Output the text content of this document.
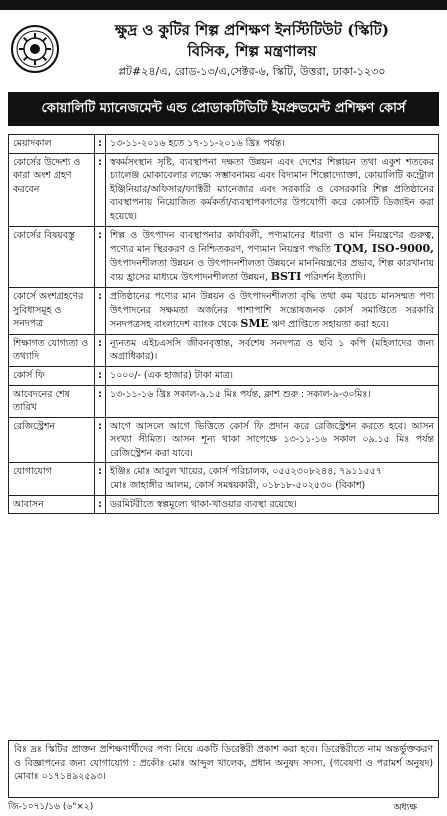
ক্ষুদ্র ও কুটির শিল্প প্রশিক্ষণ ইনস্টিটিউট (স্কিটি)
বিসিক, শিল্প মন্ত্রণালয়
প্লট#২৪/এ, রোড-১৩/এ,সেক্টর-৬, স্কিটি, উত্তরা, ঢাকা-১২৩০
কোয়ালিটি ম্যানেজমেন্ট এন্ড প্রোডাকটিভিটি ইমপ্রুভমেন্ট প্রশিক্ষণ কোর্স
মেয়াদকাল	:	১৩-১১-২০১৬ হতে ১৭-১১-২০১৬ খ্রিঃ পর্যন্ত।
কোর্সের উদ্দেশ্য ও কারা অংশ গ্রহণ করবেন	:	স্বকর্মসংস্থান সৃষ্টি, ব্যবস্থাপনা দক্ষতা উন্নয়ন এবং দেশের শিল্পায়ন তথা একুশ শতকের চ্যালেঞ্জ মোকাবেলার লক্ষ্যে সম্ভাবনাময় এবং বিদ্যমান শিল্পোদ্যোক্তা, কোয়ালিটি কন্ট্রোল ইঞ্জিনিয়ার/অফিসার/ফ্যাক্টরী ম্যানেজার এবং সরকারি ও বেসরকারি শিল্প প্রতিষ্ঠানের ব্যবস্থাপনায় নিয়োজিত কর্মকর্তা/ব্যবস্থাপকগণের উপযোগী করে কোর্সটি ডিজাইন করা হয়েছে।
কোর্সের বিষয়বস্তু	:	শিল্প ও উৎপাদন ব্যবস্থাপনার কার্যাবলী, পণ্যমানের ধারণা ও মান নিয়ন্ত্রণের গুরুত্ব, পণ্যের মান স্থিরকরণ ও নিশ্চিতকরণ, পণ্যমান নিয়ন্ত্রণ পদ্ধতি TQM, ISO-9000, উৎপাদনশীলতা উন্নয়ন ও উৎপাদনশীলতা উন্নয়নে মাননিয়ন্ত্রণের প্রভাব, শিল্প কারখানায় ব্যয় হ্রাসের মাধ্যমে উৎপাদনশীলতা উন্নয়ন, BSTI পরিদর্শন ইত্যাদি।
কোর্সে অংশগ্রহণের সুবিধাসমূহ ও সনদপত্র	:	প্রতিষ্ঠানের পণ্যের মান উন্নয়ন ও উৎপাদনশীলতা বৃদ্ধি তথা কম খরচে মানসম্মত পণ্য উৎপাদনের সক্ষমতা অর্জনের পাশাপাশি সন্তোষজনক কোর্স সমাপ্তিতে সরকারি সনদপত্রসহ বাংলাদেশ ব্যাংক থেকে SME ঋণ প্রাপ্তিতে সহায়তা করা হবে।
শিক্ষাগত যোগ্যতা ও তথ্যাদি	:	ন্যূনতম এইচএসসি জীবনবৃত্তান্ত, সর্বশেষ সনদপত্র ও ছবি ১ কপি (মহিলাদের জন্য অগ্রাধিকার)।
কোর্স ফি	:	১০০০/- (এক হাজার) টাকা মাত্র।
আবেদনের শেষ তারিখ	:	১৩-১১-১৬ খ্রিঃ সকাল-৯.১৫ মিঃ পর্যন্ত, ক্লাশ শুরু : সকাল-৯-৩০মিঃ।
রেজিস্ট্রেশন	:	আগে আসলে আগে ভিত্তিতে কোর্স ফি প্রদান করে রেজিস্ট্রেশন করতে হবে। আসন সংখ্যা সীমিত। আসন শূন্য থাকা সাপেক্ষে ১৩-১১-১৬ সকাল ০৯.১৫ মিঃ পর্যন্ত রেজিস্ট্রেশন করা যাবে।
যোগাযোগ	:	ইঞ্জিঃ মোঃ আবুল খায়ের, কোর্স পরিচালক, ০৫৫২৩০৮২৪৪, ৭৯১১৫৫৭
মোঃ জাহাঙ্গীর আলম, কোর্স সমন্বয়কারী, ০১৮১৮-৫০২৫৩০ (বিকাশ)

আবাসন	:	ডরমিটরীতে স্বল্পমূল্যে থাকা-খাওয়ার ব্যবস্থা রয়েছে।
বিঃ দ্রঃ স্কিটির প্রাক্তন প্রশিক্ষণার্থীদের পণ্য নিয়ে একটি ডিরেক্টরী প্রকাশ করা হবে। ডিরেক্টরীতে নাম অন্তর্ভুক্তকরণ ও বিজ্ঞাপনের জন্য যোগাযোগ : প্রকৌঃ মোঃ আব্দুল খালেক, প্রধান অনুষদ সদস্য, (গবেষণা ও পরামর্শ অনুষদ) মোবাঃ ০১৭১৪৯২৫৯৩।
জি-১০৭১/১৬ (৬"×২)	অধ্যক্ষ
